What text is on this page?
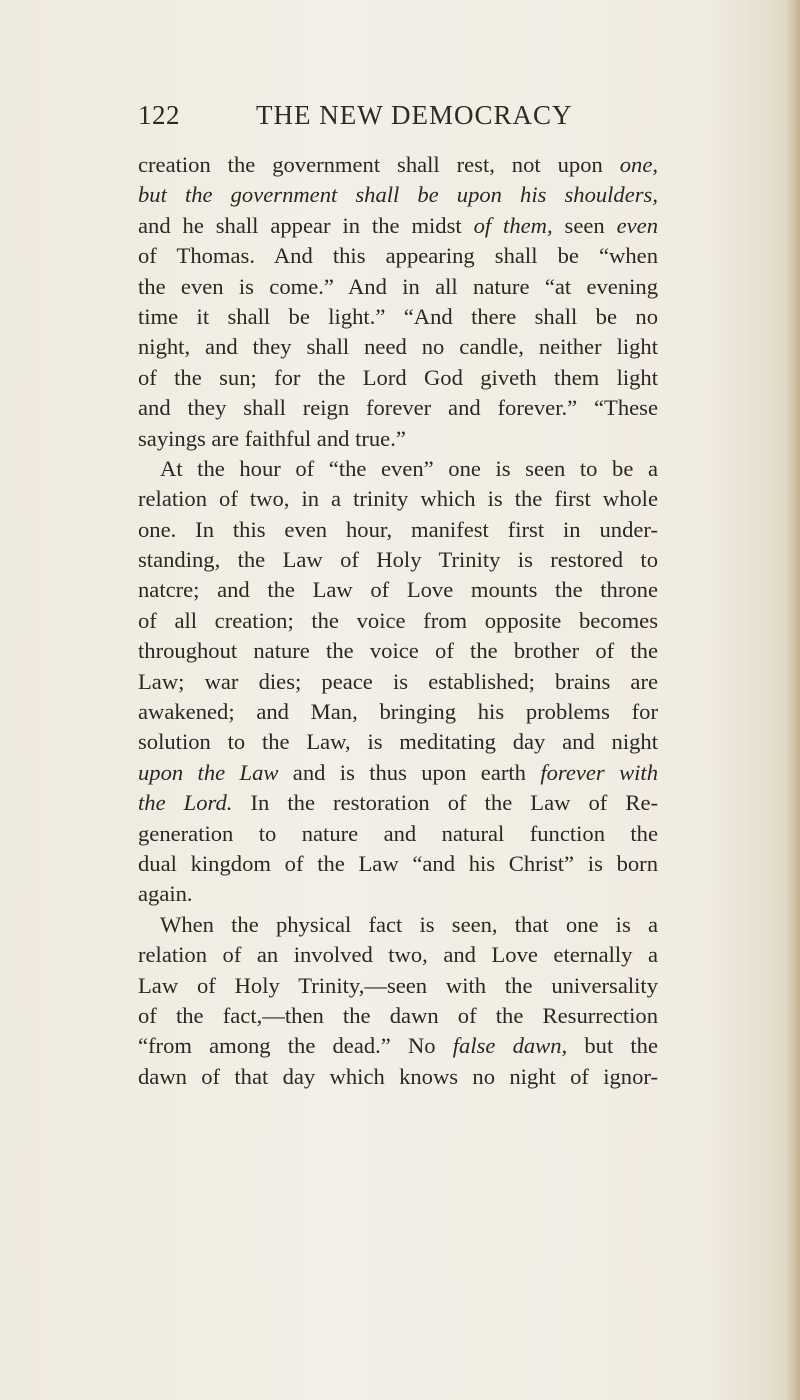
122	THE NEW DEMOCRACY
creation the government shall rest, not upon one,
but the government shall be upon his shoulders,
and he shall appear in the midst of them, seen even
of Thomas. And this appearing shall be “when
the even is come.” And in all nature “at evening
time it shall be light.” “And there shall be no
night, and they shall need no candle, neither light
of the sun; for the Lord God giveth them light
and they shall reign forever and forever.” “These
sayings are faithful and true.”
At the hour of “the even” one is seen to be a
relation of two, in a trinity which is the first whole
one. In this even hour, manifest first in under-
standing, the Law of Holy Trinity is restored to
natcre; and the Law of Love mounts the throne
of all creation; the voice from opposite becomes
throughout nature the voice of the brother of the
Law; war dies; peace is established; brains are
awakened; and Man, bringing his problems for
solution to the Law, is meditating day and night
upon the Law and is thus upon earth forever with
the Lord. In the restoration of the Law of Re-
generation to nature and natural function the
dual kingdom of the Law “and his Christ” is born
again.
When the physical fact is seen, that one is a
relation of an involved two, and Love eternally a
Law of Holy Trinity,—seen with the universality
of the fact,—then the dawn of the Resurrection
“from among the dead.” No false dawn, but the
dawn of that day which knows no night of ignor-
